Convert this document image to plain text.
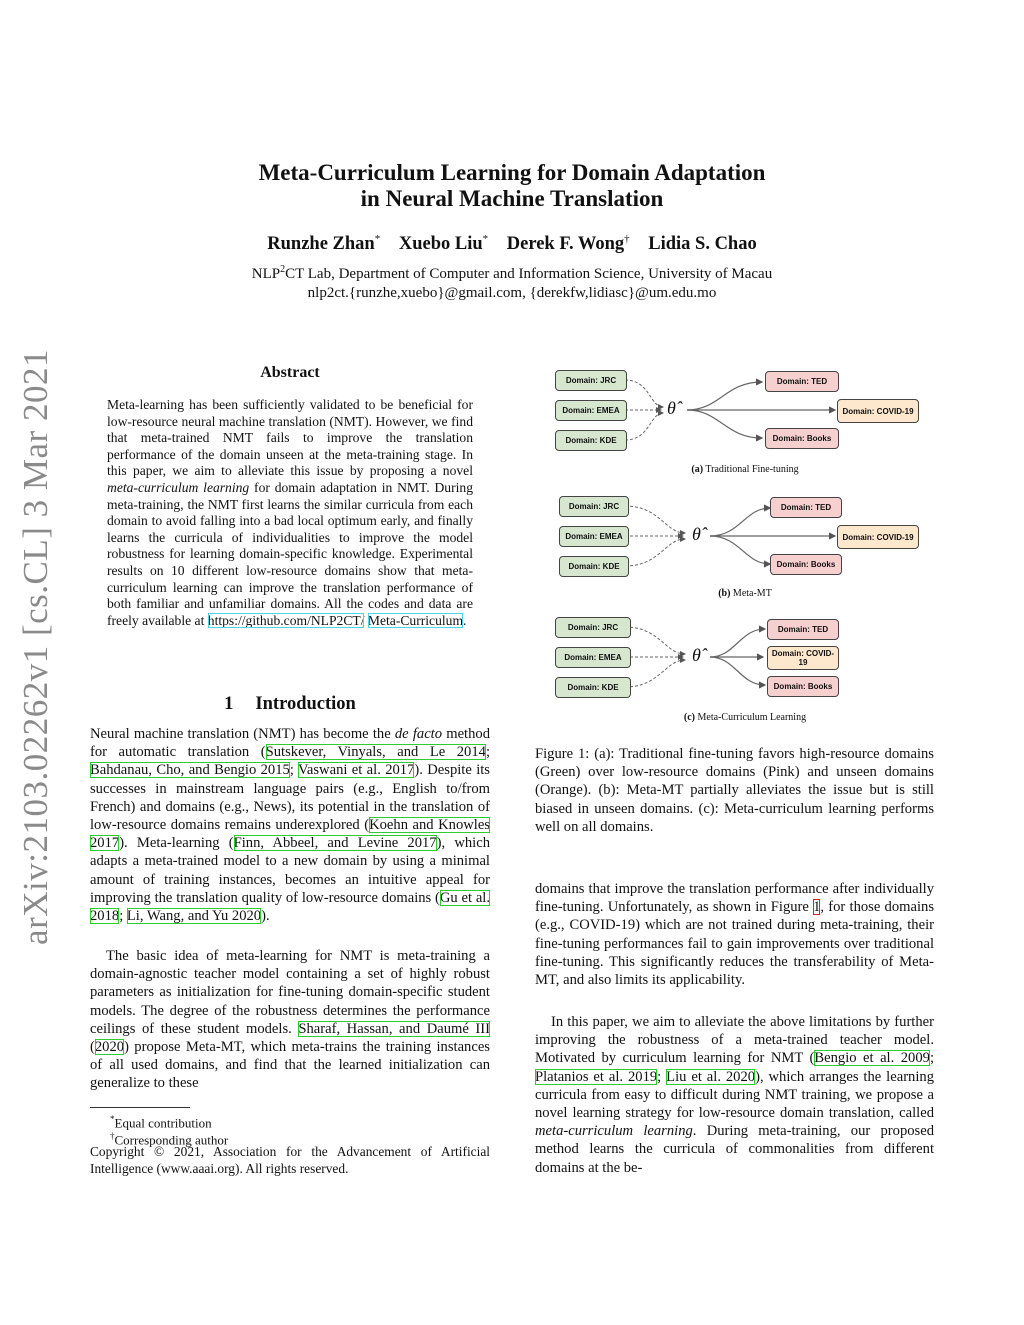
arXiv:2103.02262v1 [cs.CL] 3 Mar 2021
Meta-Curriculum Learning for Domain Adaptation
in Neural Machine Translation
Runzhe Zhan* Xuebo Liu* Derek F. Wong† Lidia S. Chao
NLP$^2$CT Lab, Department of Computer and Information Science, University of Macau
nlp2ct.{runzhe,xuebo}@gmail.com, {derekfw,lidiasc}@um.edu.mo
Abstract
Meta-learning has been sufficiently validated to be beneficial for low-resource neural machine translation (NMT). However, we find that meta-trained NMT fails to improve the translation performance of the domain unseen at the meta-training stage. In this paper, we aim to alleviate this issue by proposing a novel meta-curriculum learning for domain adaptation in NMT. During meta-training, the NMT first learns the similar curricula from each domain to avoid falling into a bad local optimum early, and finally learns the curricula of individualities to improve the model robustness for learning domain-specific knowledge. Experimental results on 10 different low-resource domains show that meta-curriculum learning can improve the translation performance of both familiar and unfamiliar domains. All the codes and data are freely available at https://github.com/NLP2CT/ Meta-Curriculum.
1 Introduction
Neural machine translation (NMT) has become the de facto method for automatic translation (Sutskever, Vinyals, and Le 2014; Bahdanau, Cho, and Bengio 2015; Vaswani et al. 2017). Despite its successes in mainstream language pairs (e.g., English to/from French) and domains (e.g., News), its potential in the translation of low-resource domains remains underexplored (Koehn and Knowles 2017). Meta-learning (Finn, Abbeel, and Levine 2017), which adapts a meta-trained model to a new domain by using a minimal amount of training instances, becomes an intuitive appeal for improving the translation quality of low-resource domains (Gu et al. 2018; Li, Wang, and Yu 2020).
The basic idea of meta-learning for NMT is meta-training a domain-agnostic teacher model containing a set of highly robust parameters as initialization for fine-tuning domain-specific student models. The degree of the robustness determines the performance ceilings of these student models. Sharaf, Hassan, and Daumé III (2020) propose Meta-MT, which meta-trains the training instances of all used domains, and find that the learned initialization can generalize to these
*Equal contribution
†Corresponding author
Copyright © 2021, Association for the Advancement of Artificial Intelligence (www.aaai.org). All rights reserved.
Domain: JRC
Domain: EMEA
Domain: KDE
θ̂
Domain: TED
Domain: COVID-19
Domain: Books
(a) Traditional Fine-tuning
Domain: JRC
Domain: EMEA
Domain: KDE
θ̂
Domain: TED
Domain: COVID-19
Domain: Books
(b) Meta-MT
Domain: JRC
Domain: EMEA
Domain: KDE
θ̂
Domain: TED
Domain: COVID-19
Domain: Books
(c) Meta-Curriculum Learning
Figure 1: (a): Traditional fine-tuning favors high-resource domains (Green) over low-resource domains (Pink) and unseen domains (Orange). (b): Meta-MT partially alleviates the issue but is still biased in unseen domains. (c): Meta-curriculum learning performs well on all domains.
domains that improve the translation performance after individually fine-tuning. Unfortunately, as shown in Figure 1, for those domains (e.g., COVID-19) which are not trained during meta-training, their fine-tuning performances fail to gain improvements over traditional fine-tuning. This significantly reduces the transferability of Meta-MT, and also limits its applicability.
In this paper, we aim to alleviate the above limitations by further improving the robustness of a meta-trained teacher model. Motivated by curriculum learning for NMT (Bengio et al. 2009; Platanios et al. 2019; Liu et al. 2020), which arranges the learning curricula from easy to difficult during NMT training, we propose a novel learning strategy for low-resource domain translation, called meta-curriculum learning. During meta-training, our proposed method learns the curricula of commonalities from different domains at the be-
